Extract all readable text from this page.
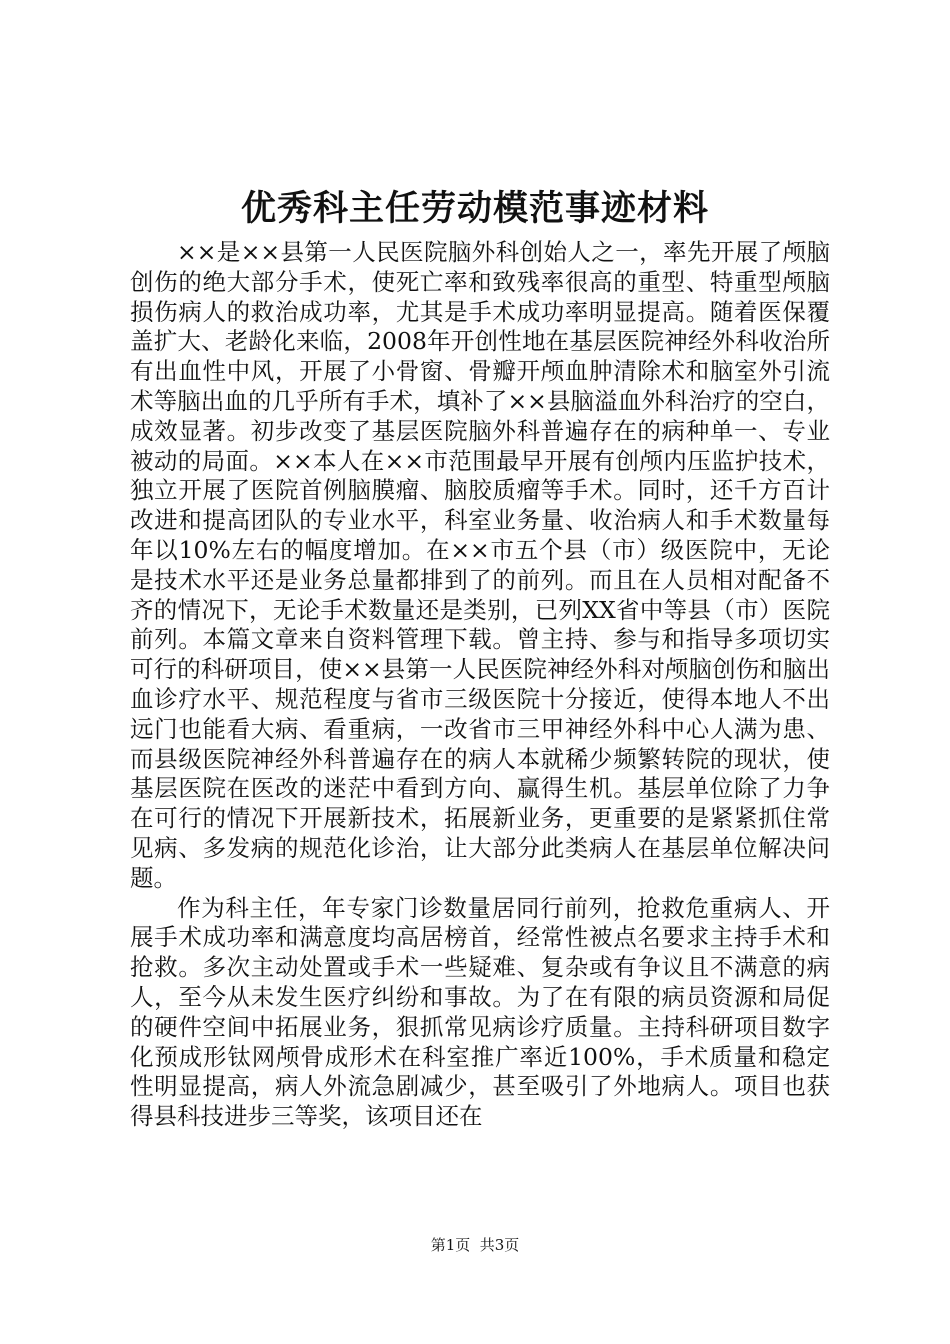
优秀科主任劳动模范事迹材料

××是××县第一人民医院脑外科创始人之一，率先开展了颅脑创伤的绝大部分手术，使死亡率和致残率很高的重型、特重型颅脑损伤病人的救治成功率，尤其是手术成功率明显提高。随着医保覆盖扩大、老龄化来临，2008年开创性地在基层医院神经外科收治所有出血性中风，开展了小骨窗、骨瓣开颅血肿清除术和脑室外引流术等脑出血的几乎所有手术，填补了××县脑溢血外科治疗的空白，成效显著。初步改变了基层医院脑外科普遍存在的病种单一、专业被动的局面。××本人在××市范围最早开展有创颅内压监护技术，独立开展了医院首例脑膜瘤、脑胶质瘤等手术。同时，还千方百计改进和提高团队的专业水平，科室业务量、收治病人和手术数量每年以10%左右的幅度增加。在××市五个县（市）级医院中，无论是技术水平还是业务总量都排到了的前列。而且在人员相对配备不齐的情况下，无论手术数量还是类别，已列XX省中等县（市）医院前列。本篇文章来自资料管理下载。曾主持、参与和指导多项切实可行的科研项目，使××县第一人民医院神经外科对颅脑创伤和脑出血诊疗水平、规范程度与省市三级医院十分接近，使得本地人不出远门也能看大病、看重病，一改省市三甲神经外科中心人满为患、而县级医院神经外科普遍存在的病人本就稀少频繁转院的现状，使基层医院在医改的迷茫中看到方向、赢得生机。基层单位除了力争在可行的情况下开展新技术，拓展新业务，更重要的是紧紧抓住常见病、多发病的规范化诊治，让大部分此类病人在基层单位解决问题。

作为科主任，年专家门诊数量居同行前列，抢救危重病人、开展手术成功率和满意度均高居榜首，经常性被点名要求主持手术和抢救。多次主动处置或手术一些疑难、复杂或有争议且不满意的病人，至今从未发生医疗纠纷和事故。为了在有限的病员资源和局促的硬件空间中拓展业务，狠抓常见病诊疗质量。主持科研项目数字化预成形钛网颅骨成形术在科室推广率近100%，手术质量和稳定性明显提高，病人外流急剧减少，甚至吸引了外地病人。项目也获得县科技进步三等奖，该项目还在

第1页  共3页
